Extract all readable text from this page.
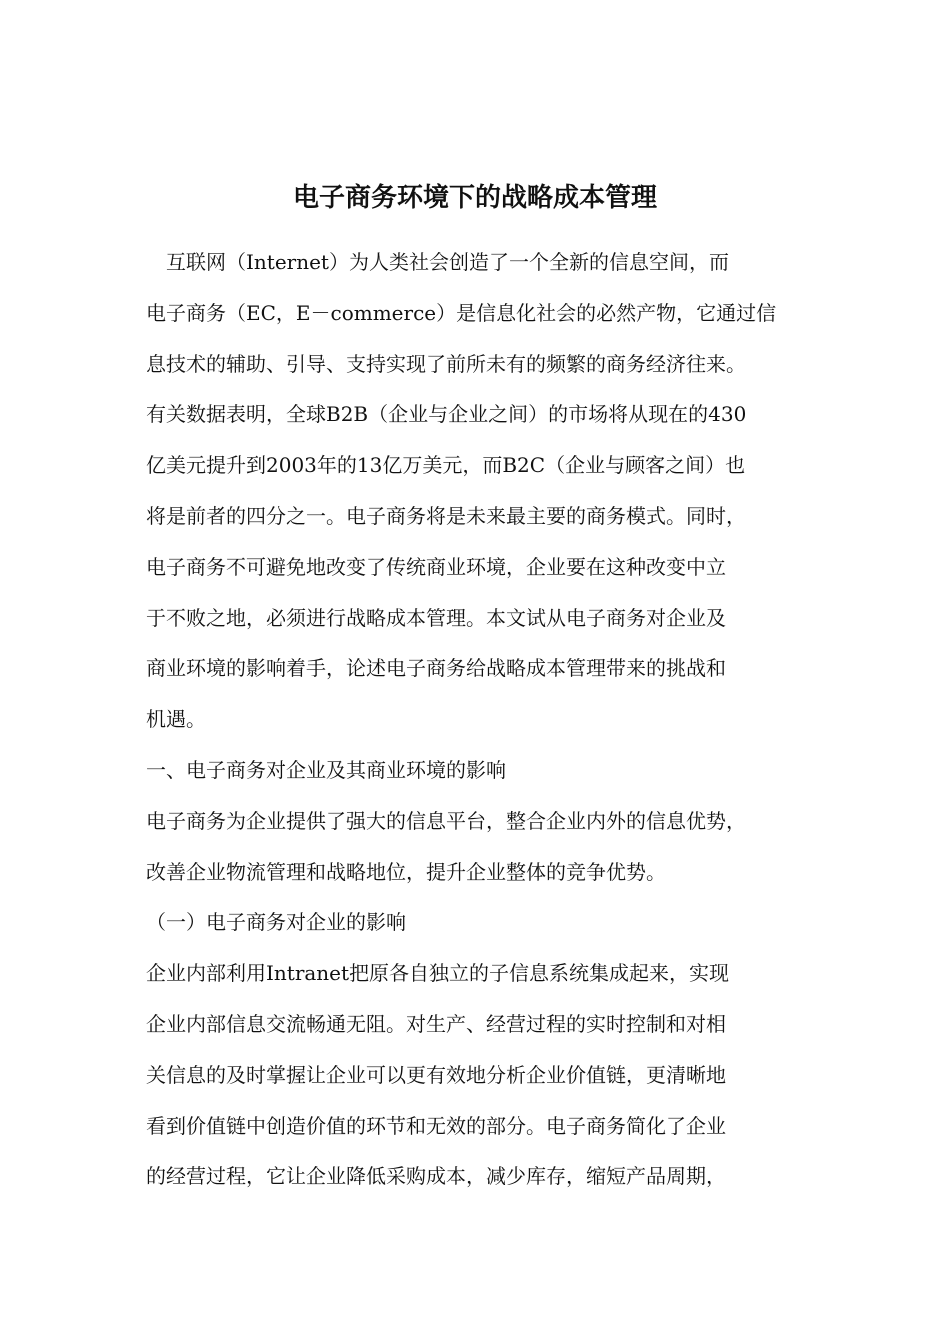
电子商务环境下的战略成本管理

互联网（Internet）为人类社会创造了一个全新的信息空间，而

电子商务（EC，E－commerce）是信息化社会的必然产物，它通过信

息技术的辅助、引导、支持实现了前所未有的频繁的商务经济往来。

有关数据表明，全球B2B（企业与企业之间）的市场将从现在的430

亿美元提升到2003年的13亿万美元，而B2C（企业与顾客之间）也

将是前者的四分之一。电子商务将是未来最主要的商务模式。同时，

电子商务不可避免地改变了传统商业环境，企业要在这种改变中立

于不败之地，必须进行战略成本管理。本文试从电子商务对企业及

商业环境的影响着手，论述电子商务给战略成本管理带来的挑战和

机遇。

一、电子商务对企业及其商业环境的影响

电子商务为企业提供了强大的信息平台，整合企业内外的信息优势，

改善企业物流管理和战略地位，提升企业整体的竞争优势。

（一）电子商务对企业的影响

企业内部利用Intranet把原各自独立的子信息系统集成起来，实现

企业内部信息交流畅通无阻。对生产、经营过程的实时控制和对相

关信息的及时掌握让企业可以更有效地分析企业价值链，更清晰地

看到价值链中创造价值的环节和无效的部分。电子商务简化了企业

的经营过程，它让企业降低采购成本，减少库存，缩短产品周期，
